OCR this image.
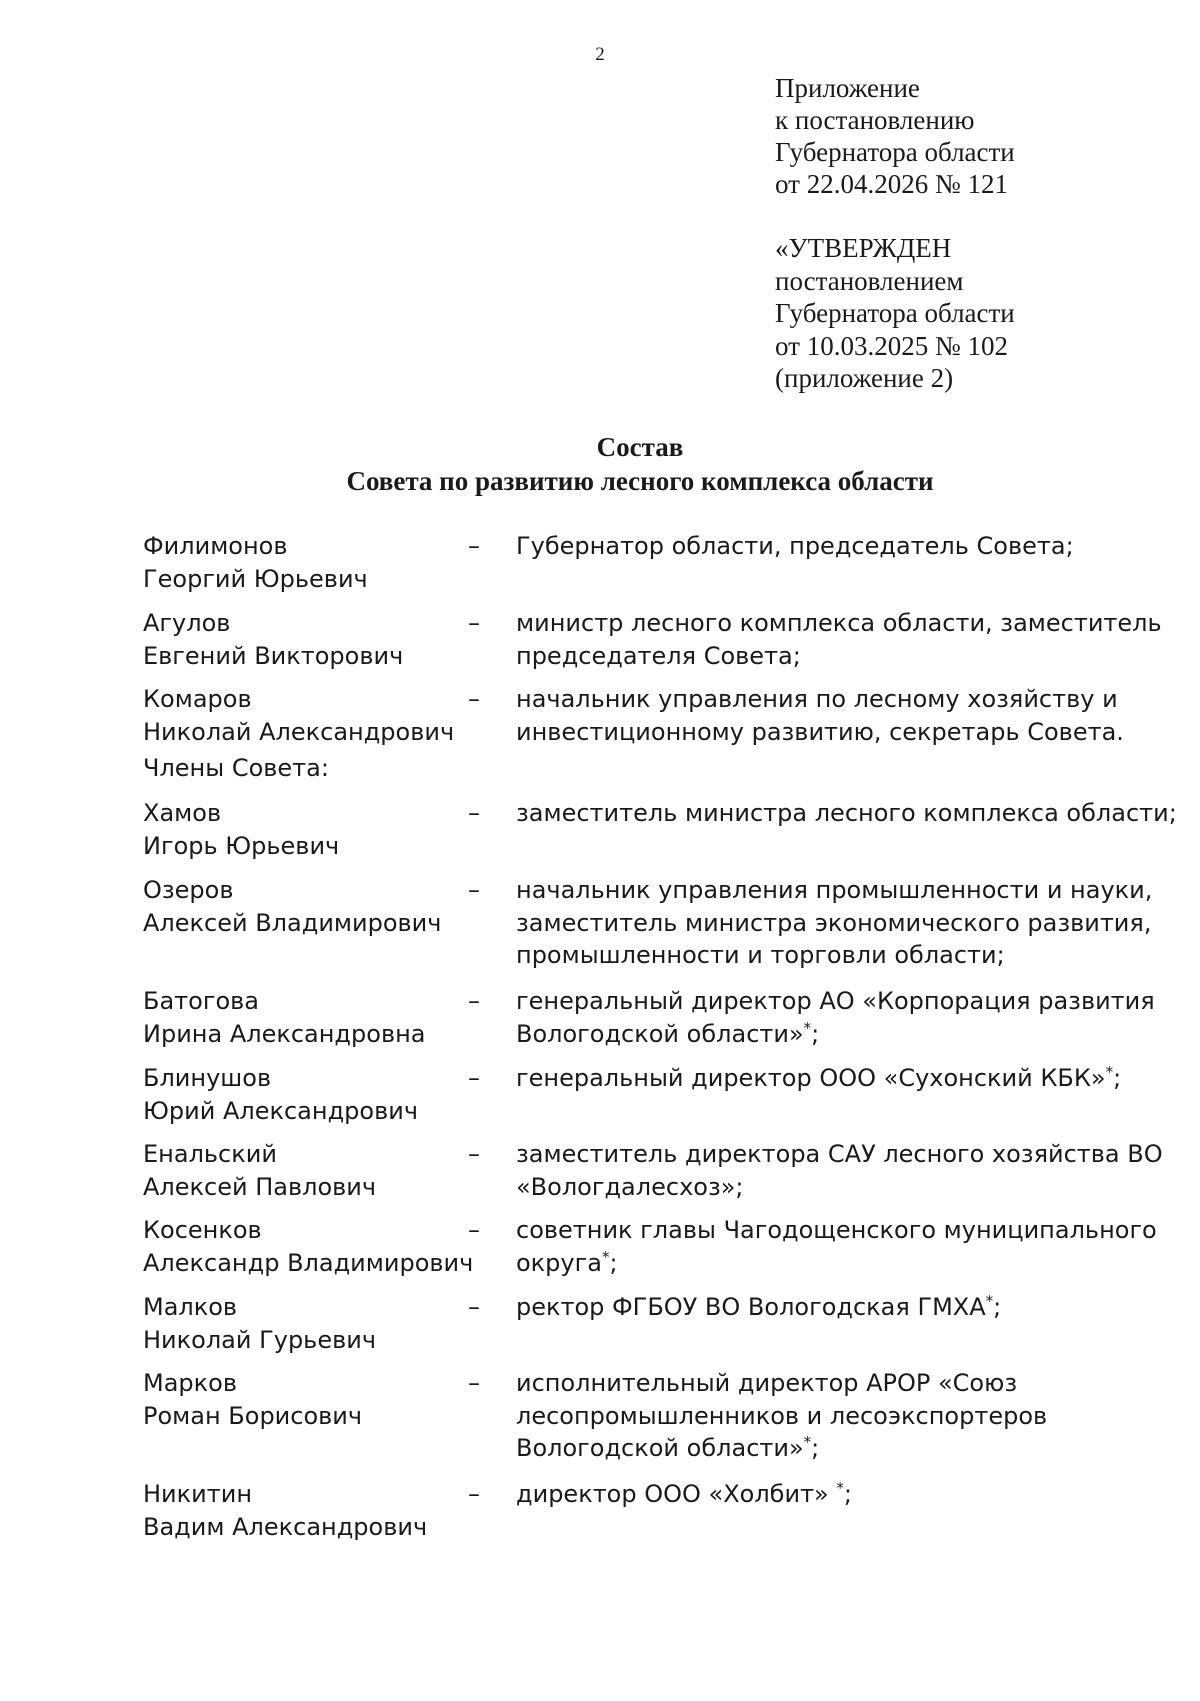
2
Приложение
к постановлению
Губернатора области
от 22.04.2026 № 121
«УТВЕРЖДЕН
постановлением
Губернатора области
от 10.03.2025 № 102
(приложение 2)
Состав
Совета по развитию лесного комплекса области
Филимонов
Георгий Юрьевич
– Губернатор области, председатель Совета;
Агулов
Евгений Викторович
– министр лесного комплекса области, заместитель
председателя Совета;
Комаров
Николай Александрович
– начальник управления по лесному хозяйству и
инвестиционному развитию, секретарь Совета.
Члены Совета:
Хамов
Игорь Юрьевич
– заместитель министра лесного комплекса области;
Озеров
Алексей Владимирович
– начальник управления промышленности и науки,
заместитель министра экономического развития,
промышленности и торговли области;
Батогова
Ирина Александровна
– генеральный директор АО «Корпорация развития
Вологодской области»*;
Блинушов
Юрий Александрович
– генеральный директор ООО «Сухонский КБК»*;
Енальский
Алексей Павлович
– заместитель директора САУ лесного хозяйства ВО
«Вологдалесхоз»;
Косенков
Александр Владимирович
– советник главы Чагодощенского муниципального
округа*;
Малков
Николай Гурьевич
– ректор ФГБОУ ВО Вологодская ГМХА*;
Марков
Роман Борисович
– исполнительный директор АРОР «Союз
лесопромышленников и лесоэкспортеров
Вологодской области»*;
Никитин
Вадим Александрович
– директор ООО «Холбит» *;
